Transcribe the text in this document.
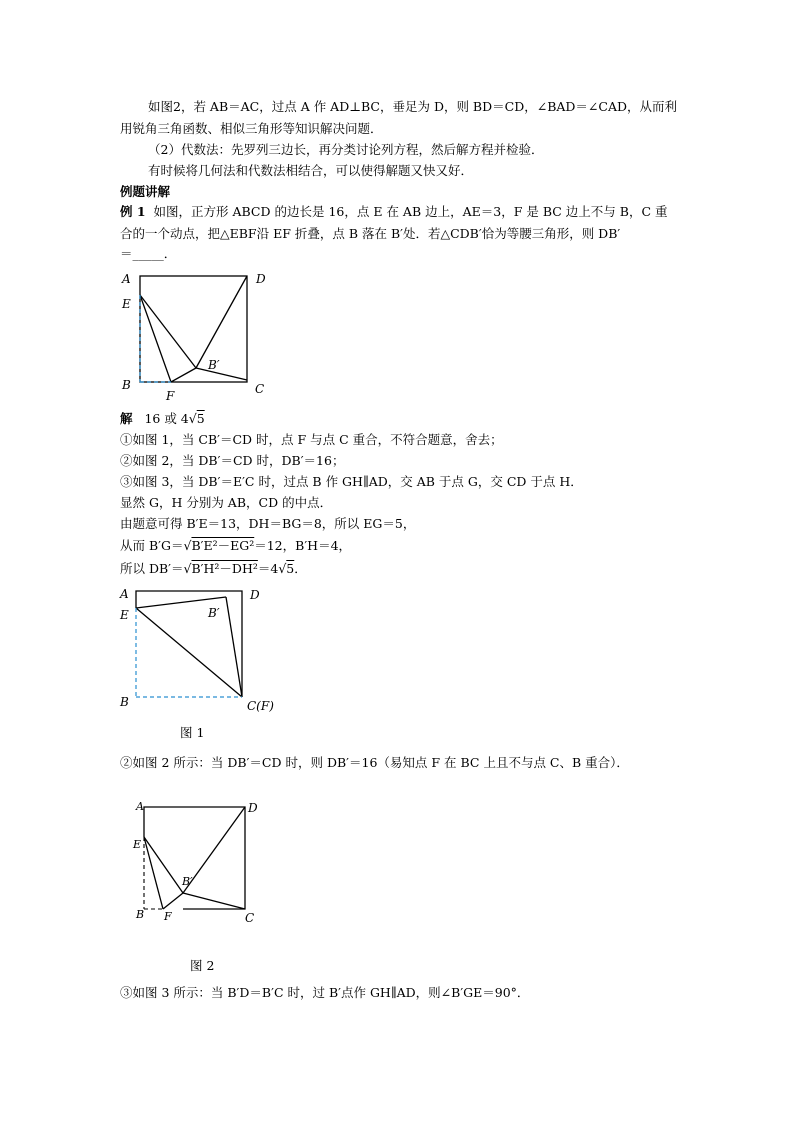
如图2，若 AB＝AC，过点 A 作 AD⊥BC，垂足为 D，则 BD＝CD，∠BAD＝∠CAD，从而利
用锐角三角函数、相似三角形等知识解决问题．
（2）代数法：先罗列三边长，再分类讨论列方程，然后解方程并检验．
有时候将几何法和代数法相结合，可以使得解题又快又好．
例题讲解
例 1 如图，正方形 ABCD 的边长是 16，点 E 在 AB 边上，AE＝3，F 是 BC 边上不与 B，C 重
合的一个动点，把△EBF沿 EF 折叠，点 B 落在 B′处．若△CDB′恰为等腰三角形，则 DB′
＝_____．
A	D
E
B	C
F
B′
解 16 或 4√5
①如图 1，当 CB′＝CD 时，点 F 与点 C 重合，不符合题意，舍去；
②如图 2，当 DB′＝CD 时，DB′＝16；
③如图 3，当 DB′＝E′C 时，过点 B 作 GH∥AD，交 AB 于点 G，交 CD 于点 H．
显然 G，H 分别为 AB，CD 的中点．
由题意可得 B′E＝13，DH＝BG＝8，所以 EG＝5，
从而 B′G＝√B′E²－EG²＝12，B′H＝4，
所以 DB′＝√B′H²－DH²＝4√5．
A	D
E
B	C(F)
B′
图 1
②如图 2 所示：当 DB′＝CD 时，则 DB′＝16（易知点 F 在 BC 上且不与点 C、B 重合）．
A	D
E
B	C
F
B′
图 2
③如图 3 所示：当 B′D＝B′C 时，过 B′点作 GH∥AD，则∠B′GE＝90°．
